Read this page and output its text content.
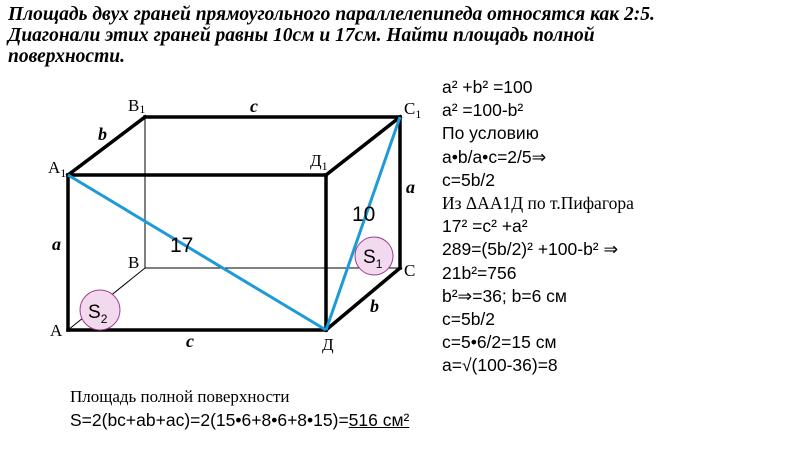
Площадь двух граней прямоугольного параллелепипеда относятся как 2:5.
Диагонали этих граней равны 10см и 17см. Найти площадь полной
поверхности.
$S_2$
$S_1$
17
10
b
c
a
a
c
b
$А_1$
В1	$С_1$
$Д_1$
В	С
А
Д
a² +b² =100
a² =100-b²
По условию
a•b/a•c=2/5⇒
c=5b/2
Из ΔАА1Д по т.Пифагора
17² =c² +a²
289=(5b/2)² +100-b² ⇒
21b²=756
b²⇒=36; b=6 см
c=5b/2
c=5•6/2=15 см
a=√(100-36)=8
Площадь полной поверхности
S=2(bc+ab+ac)=2(15•6+8•6+8•15)=516 см²
